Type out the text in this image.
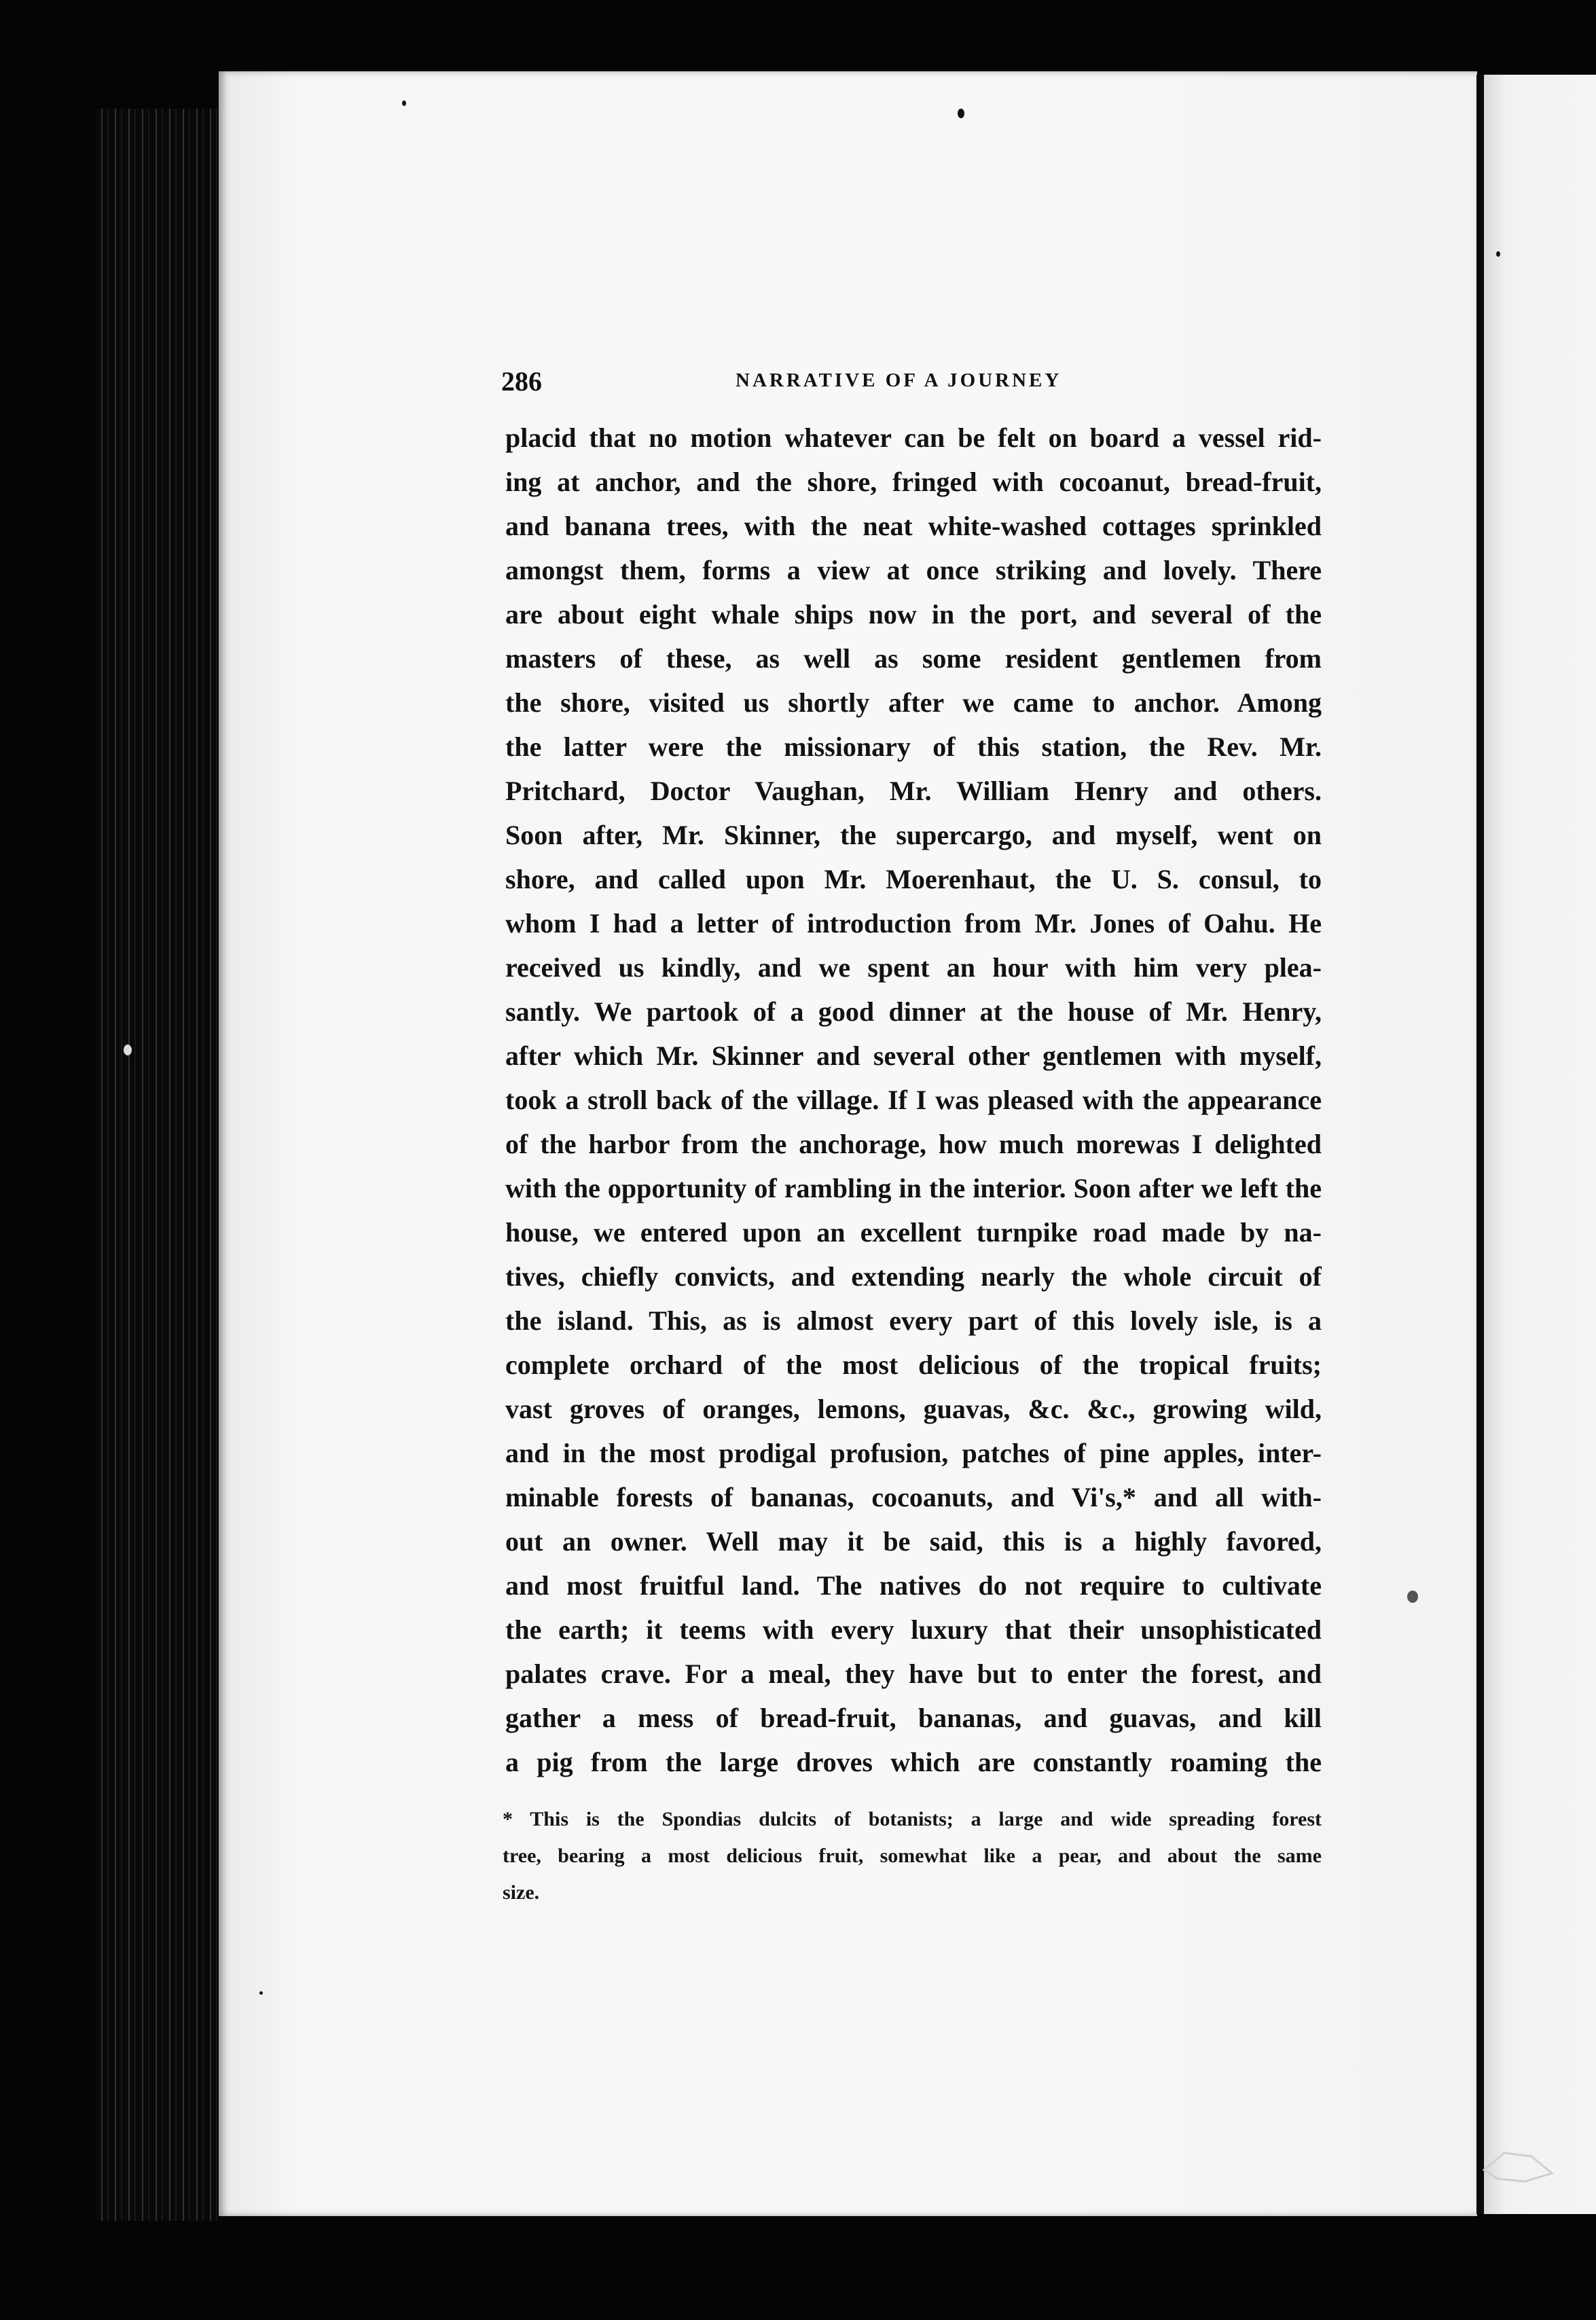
286	NARRATIVE OF A JOURNEY
placid that no motion whatever can be felt on board a vessel rid-
ing at anchor, and the shore, fringed with cocoanut, bread-fruit,
and banana trees, with the neat white-washed cottages sprinkled
amongst them, forms a view at once striking and lovely. There
are about eight whale ships now in the port, and several of the
masters of these, as well as some resident gentlemen from
the shore, visited us shortly after we came to anchor. Among
the latter were the missionary of this station, the Rev. Mr.
Pritchard, Doctor Vaughan, Mr. William Henry and others.
Soon after, Mr. Skinner, the supercargo, and myself, went on
shore, and called upon Mr. Moerenhaut, the U. S. consul, to
whom I had a letter of introduction from Mr. Jones of Oahu. He
received us kindly, and we spent an hour with him very plea-
santly. We partook of a good dinner at the house of Mr. Henry,
after which Mr. Skinner and several other gentlemen with myself,
took a stroll back of the village. If I was pleased with the appearance
of the harbor from the anchorage, how much morewas I delighted
with the opportunity of rambling in the interior. Soon after we left the
house, we entered upon an excellent turnpike road made by na-
tives, chiefly convicts, and extending nearly the whole circuit of
the island. This, as is almost every part of this lovely isle, is a
complete orchard of the most delicious of the tropical fruits;
vast groves of oranges, lemons, guavas, &c. &c., growing wild,
and in the most prodigal profusion, patches of pine apples, inter-
minable forests of bananas, cocoanuts, and Vi's,* and all with-
out an owner. Well may it be said, this is a highly favored,
and most fruitful land. The natives do not require to cultivate
the earth; it teems with every luxury that their unsophisticated
palates crave. For a meal, they have but to enter the forest, and
gather a mess of bread-fruit, bananas, and guavas, and kill
a pig from the large droves which are constantly roaming the
* This is the Spondias dulcits of botanists; a large and wide spreading forest
tree, bearing a most delicious fruit, somewhat like a pear, and about the same
size.
